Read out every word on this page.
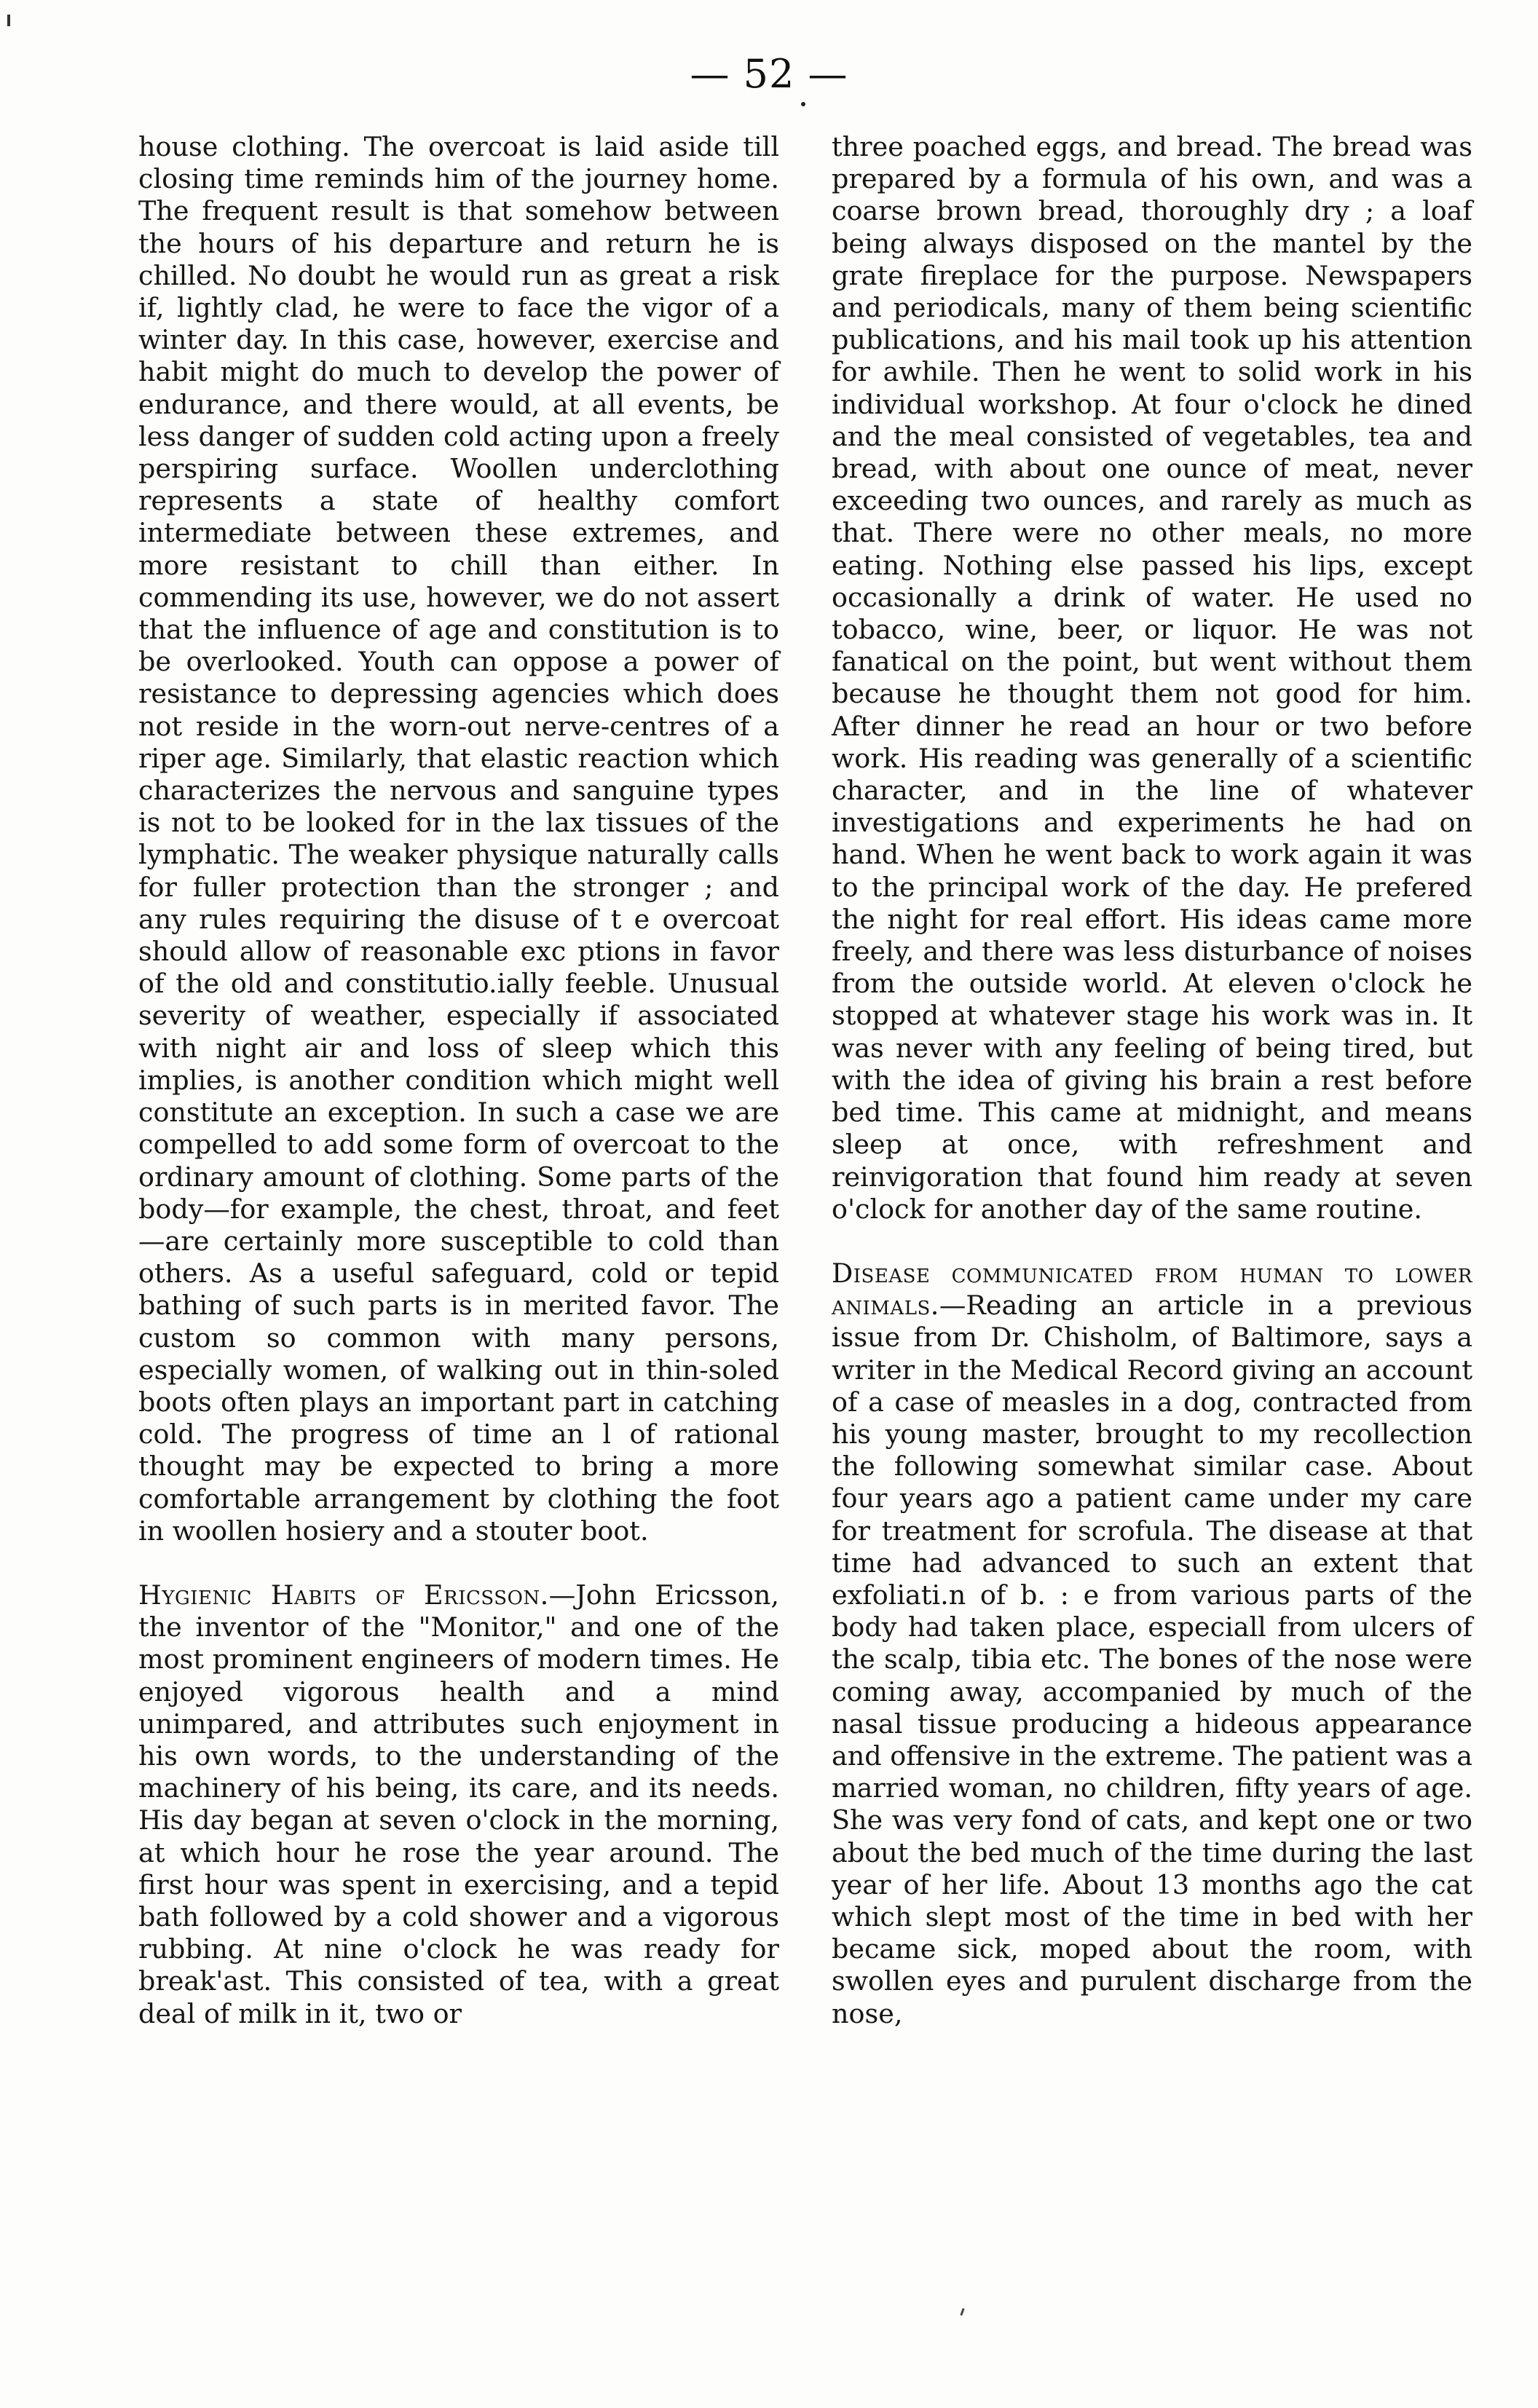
— 52 —

house clothing. The overcoat is laid aside till closing time reminds him of the journey home. The frequent result is that somehow between the hours of his departure and return he is chilled. No doubt he would run as great a risk if, lightly clad, he were to face the vigor of a winter day. In this case, however, exercise and habit might do much to develop the power of endurance, and there would, at all events, be less danger of sudden cold acting upon a freely perspiring surface. Woollen underclothing represents a state of healthy comfort intermediate between these extremes, and more resistant to chill than either. In commending its use, however, we do not assert that the influence of age and constitution is to be overlooked. Youth can oppose a power of resistance to depressing agencies which does not reside in the worn-out nerve-centres of a riper age. Similarly, that elastic reaction which characterizes the nervous and sanguine types is not to be looked for in the lax tissues of the lymphatic. The weaker physique naturally calls for fuller protection than the stronger ; and any rules requiring the disuse of t e overcoat should allow of reasonable exc ptions in favor of the old and constitutio.ially feeble. Unusual severity of weather, especially if associated with night air and loss of sleep which this implies, is another condition which might well constitute an exception. In such a case we are compelled to add some form of overcoat to the ordinary amount of clothing. Some parts of the body—for example, the chest, throat, and feet—are certainly more susceptible to cold than others. As a useful safeguard, cold or tepid bathing of such parts is in merited favor. The custom so common with many persons, especially women, of walking out in thin-soled boots often plays an important part in catching cold. The progress of time an l of rational thought may be expected to bring a more comfortable arrangement by clothing the foot in woollen hosiery and a stouter boot.

Hygienic Habits of Ericsson.—John Ericsson, the inventor of the "Monitor," and one of the most prominent engineers of modern times. He enjoyed vigorous health and a mind unimpared, and attributes such enjoyment in his own words, to the understanding of the machinery of his being, its care, and its needs. His day began at seven o'clock in the morning, at which hour he rose the year around. The first hour was spent in exercising, and a tepid bath followed by a cold shower and a vigorous rubbing. At nine o'clock he was ready for break'ast. This consisted of tea, with a great deal of milk in it, two or

three poached eggs, and bread. The bread was prepared by a formula of his own, and was a coarse brown bread, thoroughly dry ; a loaf being always disposed on the mantel by the grate fireplace for the purpose. Newspapers and periodicals, many of them being scientific publications, and his mail took up his attention for awhile. Then he went to solid work in his individual workshop. At four o'clock he dined and the meal consisted of vegetables, tea and bread, with about one ounce of meat, never exceeding two ounces, and rarely as much as that. There were no other meals, no more eating. Nothing else passed his lips, except occasionally a drink of water. He used no tobacco, wine, beer, or liquor. He was not fanatical on the point, but went without them because he thought them not good for him. After dinner he read an hour or two before work. His reading was generally of a scientific character, and in the line of whatever investigations and experiments he had on hand. When he went back to work again it was to the principal work of the day. He prefered the night for real effort. His ideas came more freely, and there was less disturbance of noises from the outside world. At eleven o'clock he stopped at whatever stage his work was in. It was never with any feeling of being tired, but with the idea of giving his brain a rest before bed time. This came at midnight, and means sleep at once, with refreshment and reinvigoration that found him ready at seven o'clock for another day of the same routine.

Disease communicated from human to lower animals.—Reading an article in a previous issue from Dr. Chisholm, of Baltimore, says a writer in the Medical Record giving an account of a case of measles in a dog, contracted from his young master, brought to my recollection the following somewhat similar case. About four years ago a patient came under my care for treatment for scrofula. The disease at that time had advanced to such an extent that exfoliati.n of b. : e from various parts of the body had taken place, especiall from ulcers of the scalp, tibia etc. The bones of the nose were coming away, accompanied by much of the nasal tissue producing a hideous appearance and offensive in the extreme. The patient was a married woman, no children, fifty years of age. She was very fond of cats, and kept one or two about the bed much of the time during the last year of her life. About 13 months ago the cat which slept most of the time in bed with her became sick, moped about the room, with swollen eyes and purulent discharge from the nose,
